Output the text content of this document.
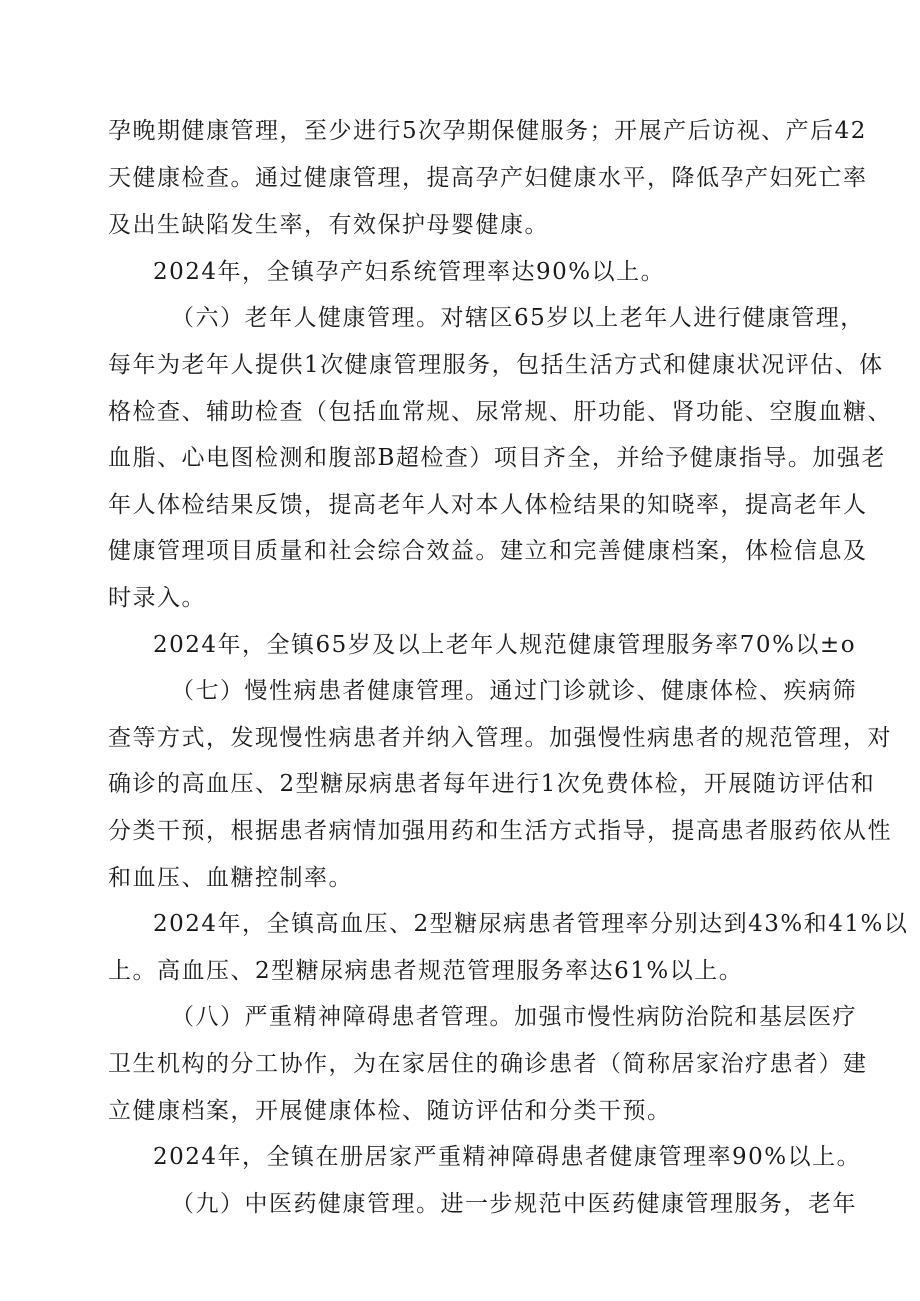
孕晚期健康管理，至少进行5次孕期保健服务；开展产后访视、产后42
天健康检查。通过健康管理，提高孕产妇健康水平，降低孕产妇死亡率
及出生缺陷发生率，有效保护母婴健康。
2024年，全镇孕产妇系统管理率达90%以上。
（六）老年人健康管理。对辖区65岁以上老年人进行健康管理，
每年为老年人提供1次健康管理服务，包括生活方式和健康状况评估、体
格检查、辅助检查（包括血常规、尿常规、肝功能、肾功能、空腹血糖、
血脂、心电图检测和腹部B超检查）项目齐全，并给予健康指导。加强老
年人体检结果反馈，提高老年人对本人体检结果的知晓率，提高老年人
健康管理项目质量和社会综合效益。建立和完善健康档案，体检信息及
时录入。
2024年，全镇65岁及以上老年人规范健康管理服务率70%以±o
（七）慢性病患者健康管理。通过门诊就诊、健康体检、疾病筛
查等方式，发现慢性病患者并纳入管理。加强慢性病患者的规范管理，对
确诊的高血压、2型糖尿病患者每年进行1次免费体检，开展随访评估和
分类干预，根据患者病情加强用药和生活方式指导，提高患者服药依从性
和血压、血糖控制率。
2024年，全镇高血压、2型糖尿病患者管理率分别达到43%和41%以
上。高血压、2型糖尿病患者规范管理服务率达61%以上。
（八）严重精神障碍患者管理。加强市慢性病防治院和基层医疗
卫生机构的分工协作，为在家居住的确诊患者（简称居家治疗患者）建
立健康档案，开展健康体检、随访评估和分类干预。
2024年，全镇在册居家严重精神障碍患者健康管理率90%以上。
（九）中医药健康管理。进一步规范中医药健康管理服务，老年
